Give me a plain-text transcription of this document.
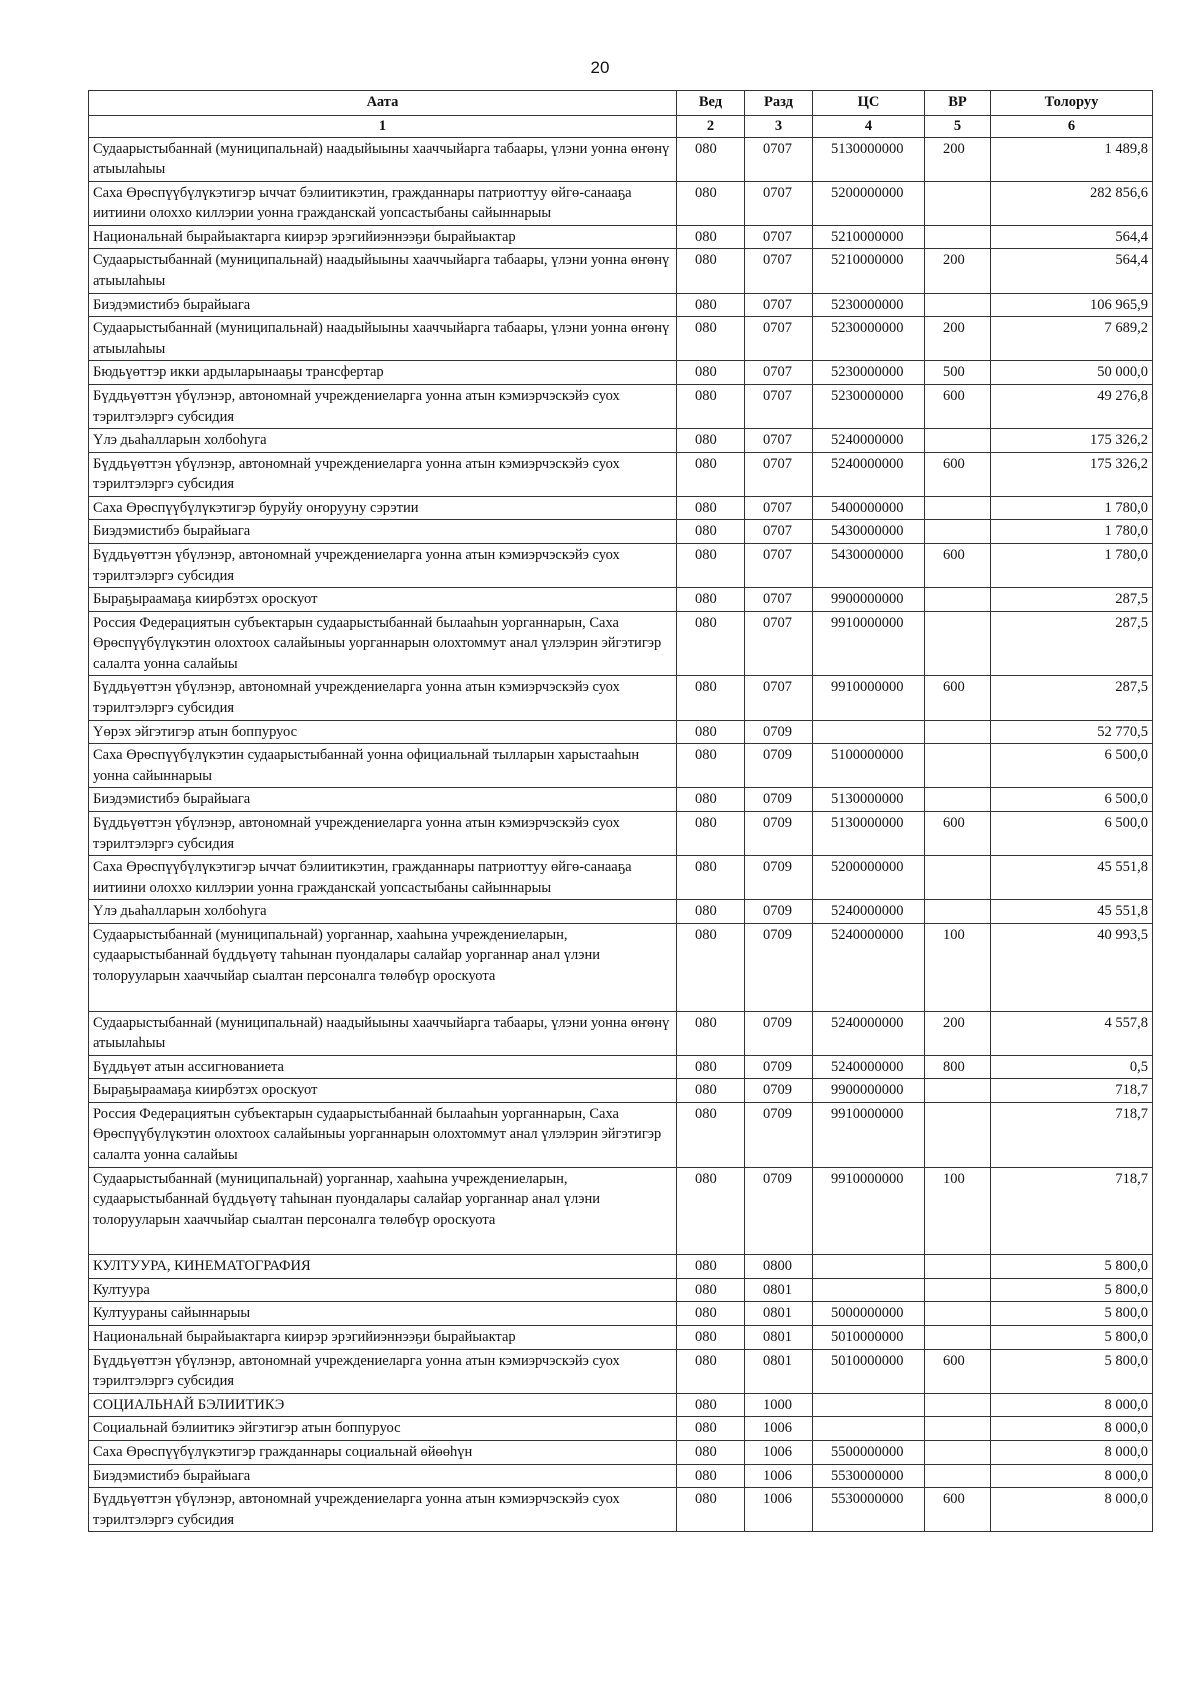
20
Аата	Вед	Разд	ЦС	ВР	Толоруу
1	2	3	4	5	6
Судаарыстыбаннай (муниципальнай) наадыйыыны хааччыйарга табаары, үлэни уонна өҥөнү атыылаһыы	080	0707	5130000000	200	1 489,8
Саха Өрөспүүбүлүкэтигэр ыччат бэлиитикэтин, гражданнары патриоттуу өйгө-санааҕа иитиини олоххо киллэрии уонна гражданскай уопсастыбаны сайыннарыы	080	0707	5200000000		282 856,6
Национальнай бырайыактарга киирэр эрэгийиэннээҕи бырайыактар	080	0707	5210000000		564,4
Судаарыстыбаннай (муниципальнай) наадыйыыны хааччыйарга табаары, үлэни уонна өҥөнү атыылаһыы	080	0707	5210000000	200	564,4
Биэдэмистибэ бырайыага	080	0707	5230000000		106 965,9
Судаарыстыбаннай (муниципальнай) наадыйыыны хааччыйарга табаары, үлэни уонна өҥөнү атыылаһыы	080	0707	5230000000	200	7 689,2
Бюдьүөттэр икки ардыларынааҕы трансфертар	080	0707	5230000000	500	50 000,0
Бүддьүөттэн үбүлэнэр, автономнай учреждениеларга уонна атын кэмиэрчэскэйэ суох тэрилтэлэргэ субсидия	080	0707	5230000000	600	49 276,8
Үлэ дьаһалларын холбоһуга	080	0707	5240000000		175 326,2
Бүддьүөттэн үбүлэнэр, автономнай учреждениеларга уонна атын кэмиэрчэскэйэ суох тэрилтэлэргэ субсидия	080	0707	5240000000	600	175 326,2
Саха Өрөспүүбүлүкэтигэр буруйу оҥорууну сэрэтии	080	0707	5400000000		1 780,0
Биэдэмистибэ бырайыага	080	0707	5430000000		1 780,0
Бүддьүөттэн үбүлэнэр, автономнай учреждениеларга уонна атын кэмиэрчэскэйэ суох тэрилтэлэргэ субсидия	080	0707	5430000000	600	1 780,0
Быраҕыраамаҕа киирбэтэх ороскуот	080	0707	9900000000		287,5
Россия Федерациятын субъектарын судаарыстыбаннай былааһын уорганнарын, Саха Өрөспүүбүлүкэтин олохтоох салайыныы уорганнарын олохтоммут анал үлэлэрин эйгэтигэр салалта уонна салайыы	080	0707	9910000000		287,5
Бүддьүөттэн үбүлэнэр, автономнай учреждениеларга уонна атын кэмиэрчэскэйэ суох тэрилтэлэргэ субсидия	080	0707	9910000000	600	287,5
Үөрэх эйгэтигэр атын боппуруос	080	0709			52 770,5
Саха Өрөспүүбүлүкэтин судаарыстыбаннай уонна официальнай тылларын харыстааһын уонна сайыннарыы	080	0709	5100000000		6 500,0
Биэдэмистибэ бырайыага	080	0709	5130000000		6 500,0
Бүддьүөттэн үбүлэнэр, автономнай учреждениеларга уонна атын кэмиэрчэскэйэ суох тэрилтэлэргэ субсидия	080	0709	5130000000	600	6 500,0
Саха Өрөспүүбүлүкэтигэр ыччат бэлиитикэтин, гражданнары патриоттуу өйгө-санааҕа иитиини олоххо киллэрии уонна гражданскай уопсастыбаны сайыннарыы	080	0709	5200000000		45 551,8
Үлэ дьаһалларын холбоһуга	080	0709	5240000000		45 551,8
Судаарыстыбаннай (муниципальнай) уорганнар, хааһына учреждениеларын, судаарыстыбаннай бүддьүөтү таһынан пуондалары салайар уорганнар анал үлэни толорууларын хааччыйар сыалтан персоналга төлөбүр ороскуота	080	0709	5240000000	100	40 993,5
Судаарыстыбаннай (муниципальнай) наадыйыыны хааччыйарга табаары, үлэни уонна өҥөнү атыылаһыы	080	0709	5240000000	200	4 557,8
Бүддьүөт атын ассигнованиета	080	0709	5240000000	800	0,5
Быраҕыраамаҕа киирбэтэх ороскуот	080	0709	9900000000		718,7
Россия Федерациятын субъектарын судаарыстыбаннай былааһын уорганнарын, Саха Өрөспүүбүлүкэтин олохтоох салайыныы уорганнарын олохтоммут анал үлэлэрин эйгэтигэр салалта уонна салайыы	080	0709	9910000000		718,7
Судаарыстыбаннай (муниципальнай) уорганнар, хааһына учреждениеларын, судаарыстыбаннай бүддьүөтү таһынан пуондалары салайар уорганнар анал үлэни толорууларын хааччыйар сыалтан персоналга төлөбүр ороскуота	080	0709	9910000000	100	718,7
КУЛТУУРА, КИНЕМАТОГРАФИЯ	080	0800			5 800,0
Култуура	080	0801			5 800,0
Култуураны сайыннарыы	080	0801	5000000000		5 800,0
Национальнай бырайыактарга киирэр эрэгийиэннээҕи бырайыактар	080	0801	5010000000		5 800,0
Бүддьүөттэн үбүлэнэр, автономнай учреждениеларга уонна атын кэмиэрчэскэйэ суох тэрилтэлэргэ субсидия	080	0801	5010000000	600	5 800,0
СОЦИАЛЬНАЙ БЭЛИИТИКЭ	080	1000			8 000,0
Социальнай бэлиитикэ эйгэтигэр атын боппуруос	080	1006			8 000,0
Саха Өрөспүүбүлүкэтигэр гражданнары социальнай өйөөһүн	080	1006	5500000000		8 000,0
Биэдэмистибэ бырайыага	080	1006	5530000000		8 000,0
Бүддьүөттэн үбүлэнэр, автономнай учреждениеларга уонна атын кэмиэрчэскэйэ суох тэрилтэлэргэ субсидия	080	1006	5530000000	600	8 000,0
